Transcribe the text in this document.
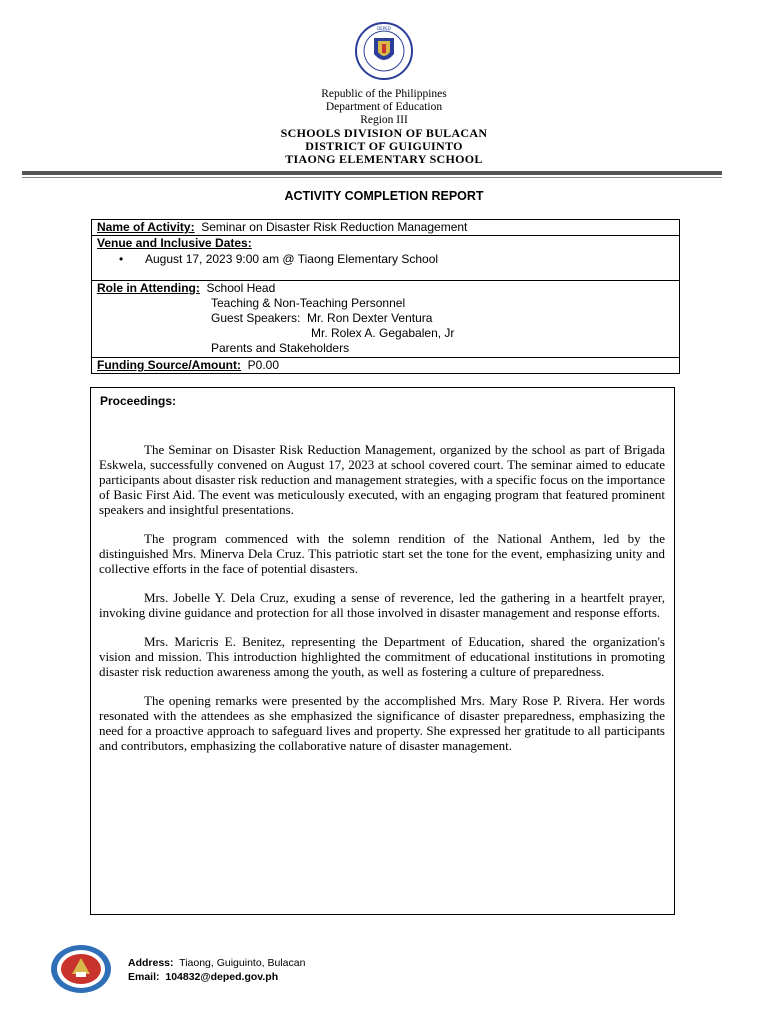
DEPED
Republic of the Philippines
Department of Education
Region III
SCHOOLS DIVISION OF BULACAN
DISTRICT OF GUIGUINTO
TIAONG ELEMENTARY SCHOOL
ACTIVITY COMPLETION REPORT
Name of Activity: Seminar on Disaster Risk Reduction Management
Venue and Inclusive Dates:
• August 17, 2023 9:00 am @ Tiaong Elementary School
Role in Attending: School Head
Teaching & Non-Teaching Personnel
Guest Speakers:  Mr. Ron Dexter Ventura
Mr. Rolex A. Gegabalen, Jr
Parents and Stakeholders
Funding Source/Amount: P0.00
Proceedings:

The Seminar on Disaster Risk Reduction Management, organized by the school as part of Brigada Eskwela, successfully convened on August 17, 2023 at school covered court. The seminar aimed to educate participants about disaster risk reduction and management strategies, with a specific focus on the importance of Basic First Aid. The event was meticulously executed, with an engaging program that featured prominent speakers and insightful presentations.

The program commenced with the solemn rendition of the National Anthem, led by the distinguished Mrs. Minerva Dela Cruz. This patriotic start set the tone for the event, emphasizing unity and collective efforts in the face of potential disasters.

Mrs. Jobelle Y. Dela Cruz, exuding a sense of reverence, led the gathering in a heartfelt prayer, invoking divine guidance and protection for all those involved in disaster management and response efforts.

Mrs. Maricris E. Benitez, representing the Department of Education, shared the organization's vision and mission. This introduction highlighted the commitment of educational institutions in promoting disaster risk reduction awareness among the youth, as well as fostering a culture of preparedness.

The opening remarks were presented by the accomplished Mrs. Mary Rose P. Rivera. Her words resonated with the attendees as she emphasized the significance of disaster preparedness, emphasizing the need for a proactive approach to safeguard lives and property. She expressed her gratitude to all participants and contributors, emphasizing the collaborative nature of disaster management.

Address: Tiaong, Guiguinto, Bulacan
Email: 104832@deped.gov.ph
